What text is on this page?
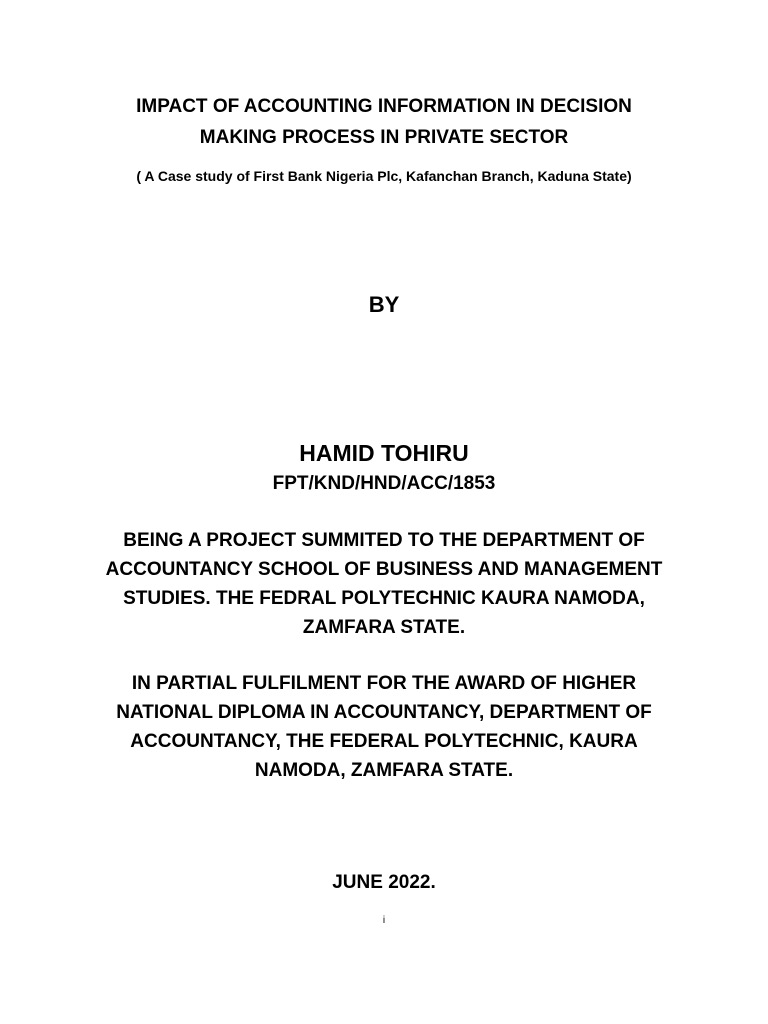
IMPACT OF ACCOUNTING INFORMATION IN DECISION
MAKING PROCESS IN PRIVATE SECTOR
( A Case study of First Bank Nigeria Plc, Kafanchan Branch, Kaduna State)
BY
HAMID TOHIRU
FPT/KND/HND/ACC/1853
BEING A PROJECT SUMMITED TO THE DEPARTMENT OF
ACCOUNTANCY SCHOOL OF BUSINESS AND MANAGEMENT
STUDIES. THE FEDRAL POLYTECHNIC KAURA NAMODA,
ZAMFARA STATE.
IN PARTIAL FULFILMENT FOR THE AWARD OF HIGHER
NATIONAL DIPLOMA IN ACCOUNTANCY, DEPARTMENT OF
ACCOUNTANCY, THE FEDERAL POLYTECHNIC, KAURA
NAMODA, ZAMFARA STATE.
JUNE 2022.
i
